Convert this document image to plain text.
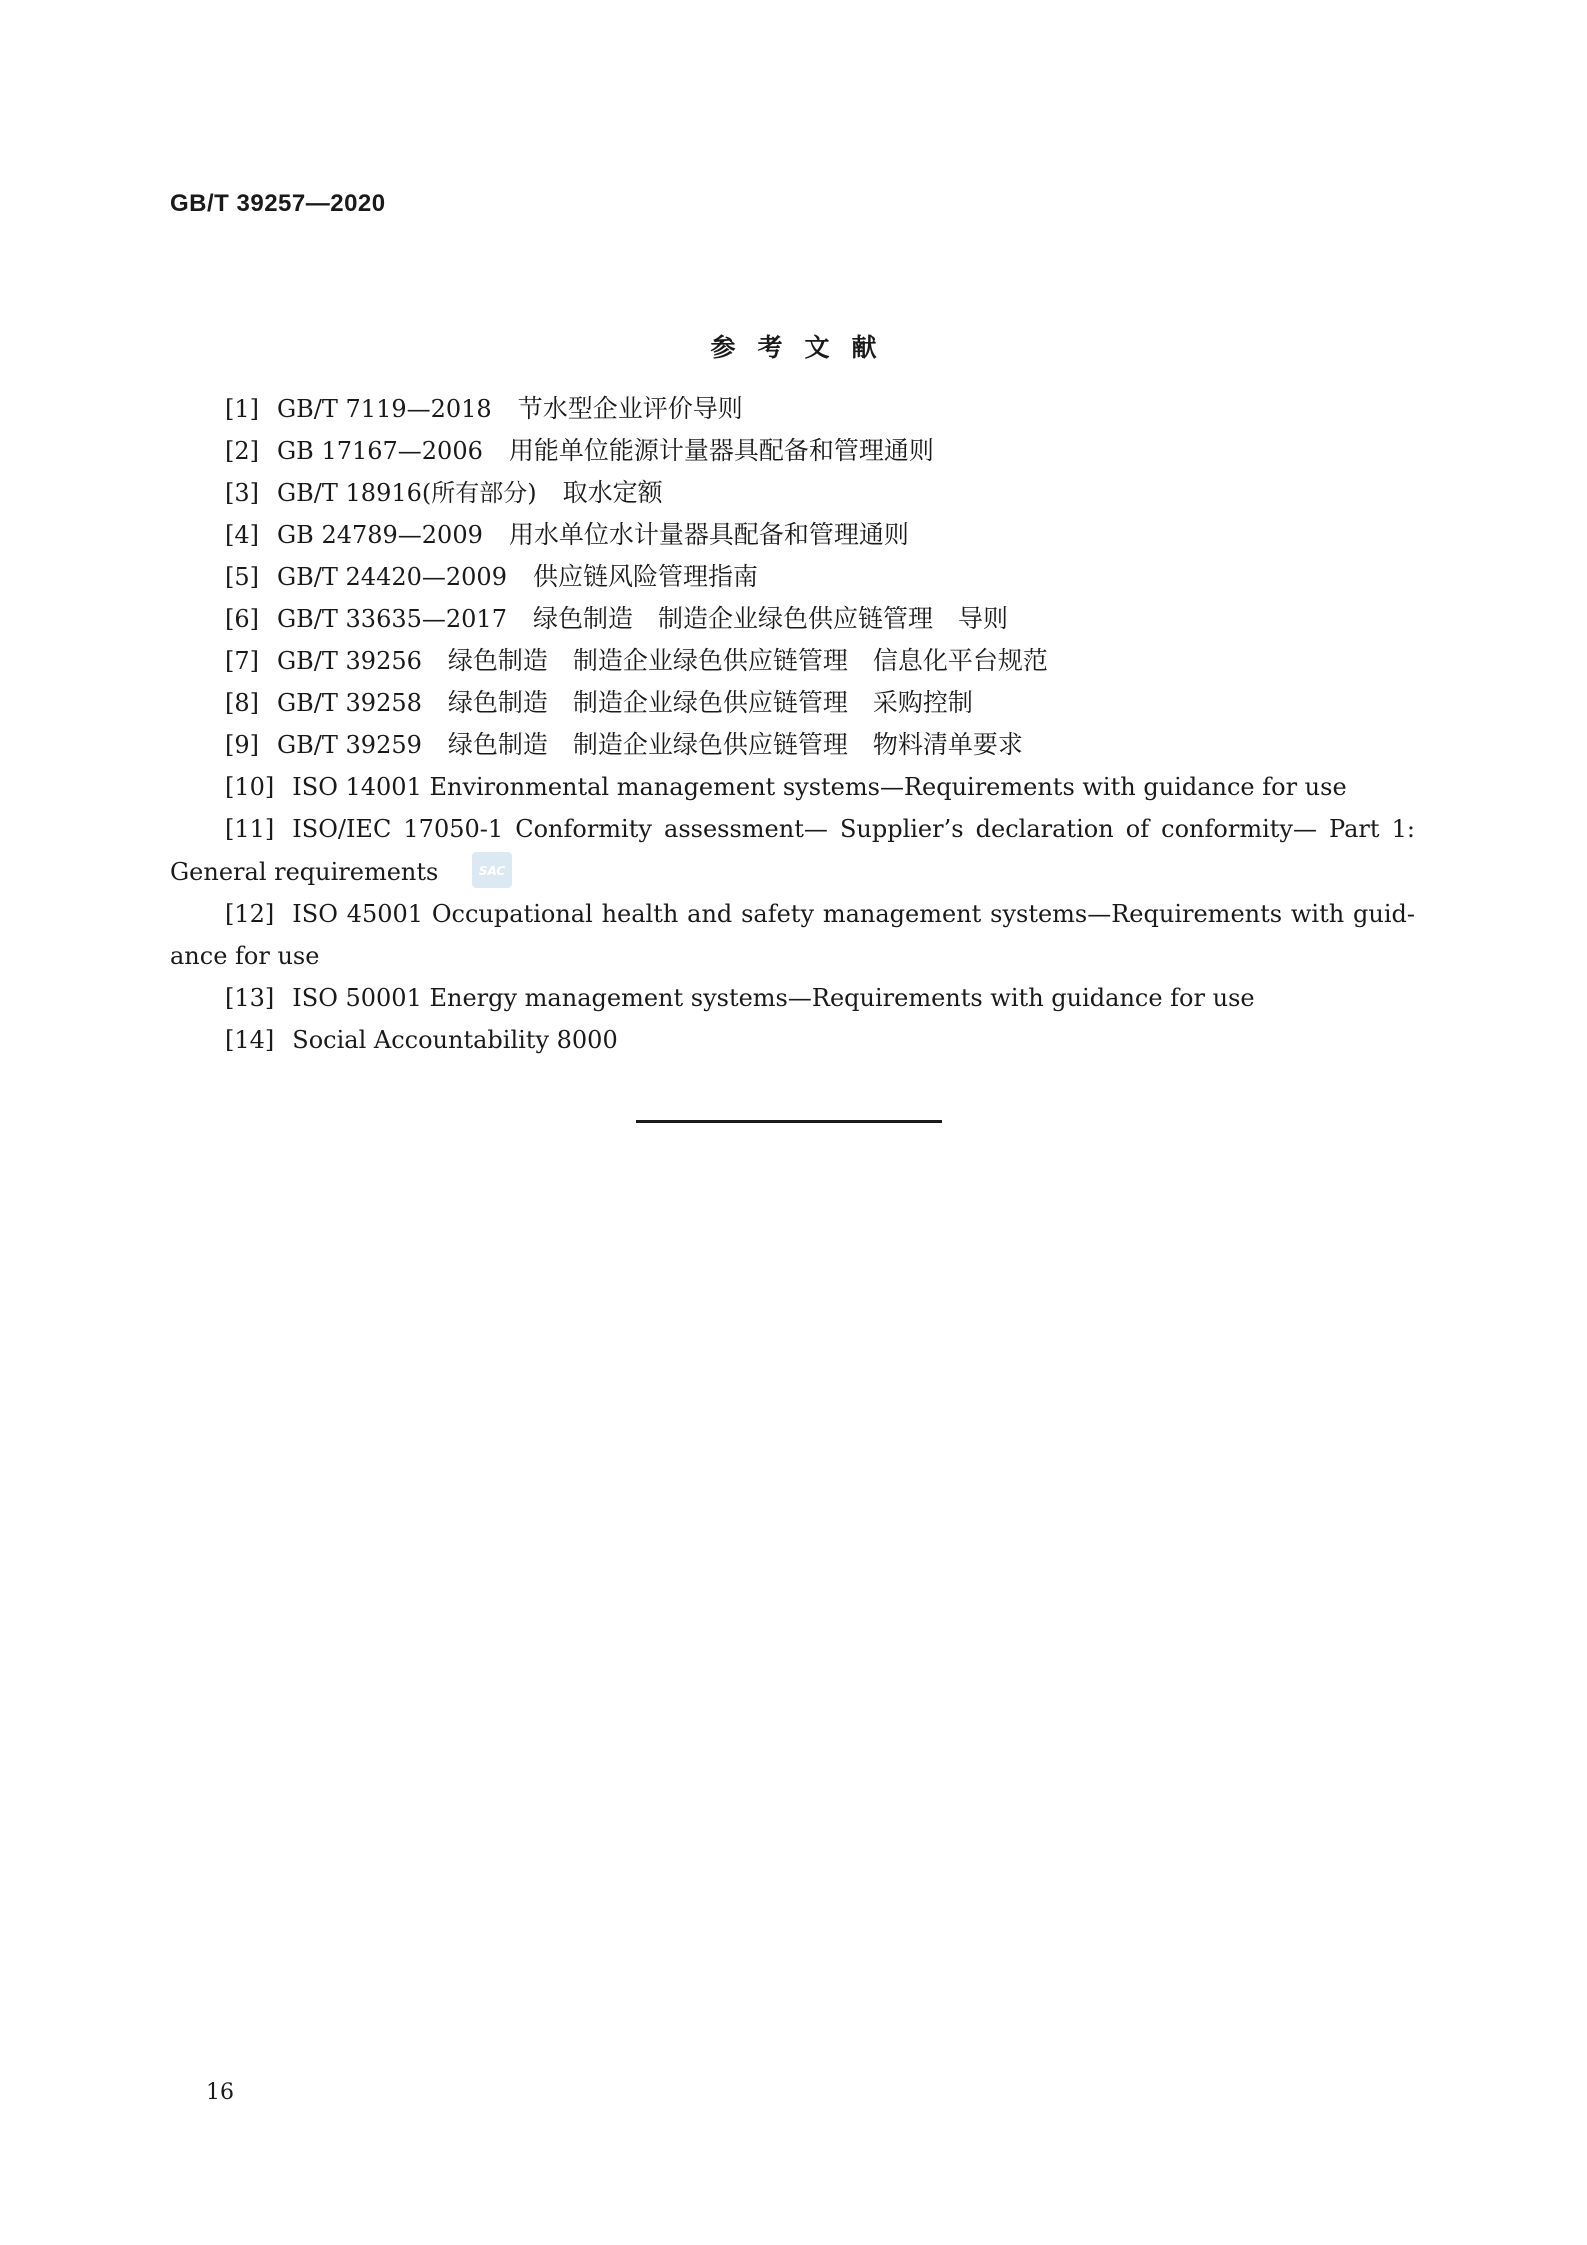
GB/T 39257—2020
参考文献
[1] GB/T 7119—2018 节水型企业评价导则
[2] GB 17167—2006 用能单位能源计量器具配备和管理通则
[3] GB/T 18916(所有部分) 取水定额
[4] GB 24789—2009 用水单位水计量器具配备和管理通则
[5] GB/T 24420—2009 供应链风险管理指南
[6] GB/T 33635—2017 绿色制造　制造企业绿色供应链管理　导则
[7] GB/T 39256 绿色制造　制造企业绿色供应链管理　信息化平台规范
[8] GB/T 39258 绿色制造　制造企业绿色供应链管理　采购控制
[9] GB/T 39259 绿色制造　制造企业绿色供应链管理　物料清单要求
[10] ISO 14001 Environmental management systems—Requirements with guidance for use
[11] ISO/IEC 17050-1 Conformity assessment— Supplier’s declaration of conformity— Part 1: General requirements	SAC
[12] ISO 45001 Occupational health and safety management systems—Requirements with guid-ance for use
[13] ISO 50001 Energy management systems—Requirements with guidance for use
[14] Social Accountability 8000
16
